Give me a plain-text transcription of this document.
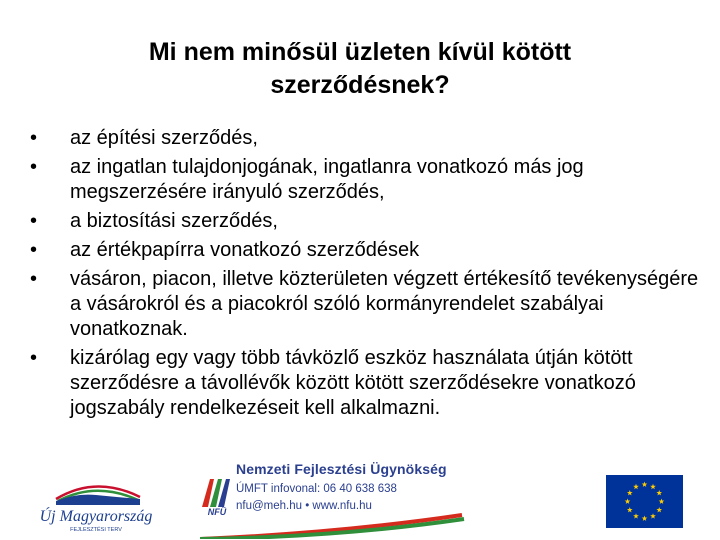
Mi nem minősül üzleten kívül kötött
szerződésnek?
•	az építési szerződés,
•	az ingatlan tulajdonjogának, ingatlanra vonatkozó más jog megszerzésére irányuló szerződés,
•	a biztosítási szerződés,
•	az értékpapírra vonatkozó szerződések
•	vásáron, piacon, illetve közterületen végzett értékesítő tevékenységére a vásárokról és a piacokról szóló kormányrendelet szabályai vonatkoznak.
•	kizárólag egy vagy több távközlő eszköz használata útján kötött szerződésre a távollévők között kötött szerződésekre vonatkozó jogszabály rendelkezéseit kell alkalmazni.
Új Magyarország
FEJLESZTÉSI TERV
NFÜ
Nemzeti Fejlesztési Ügynökség
ÚMFT infovonal: 06 40 638 638
nfu@meh.hu • www.nfu.hu
